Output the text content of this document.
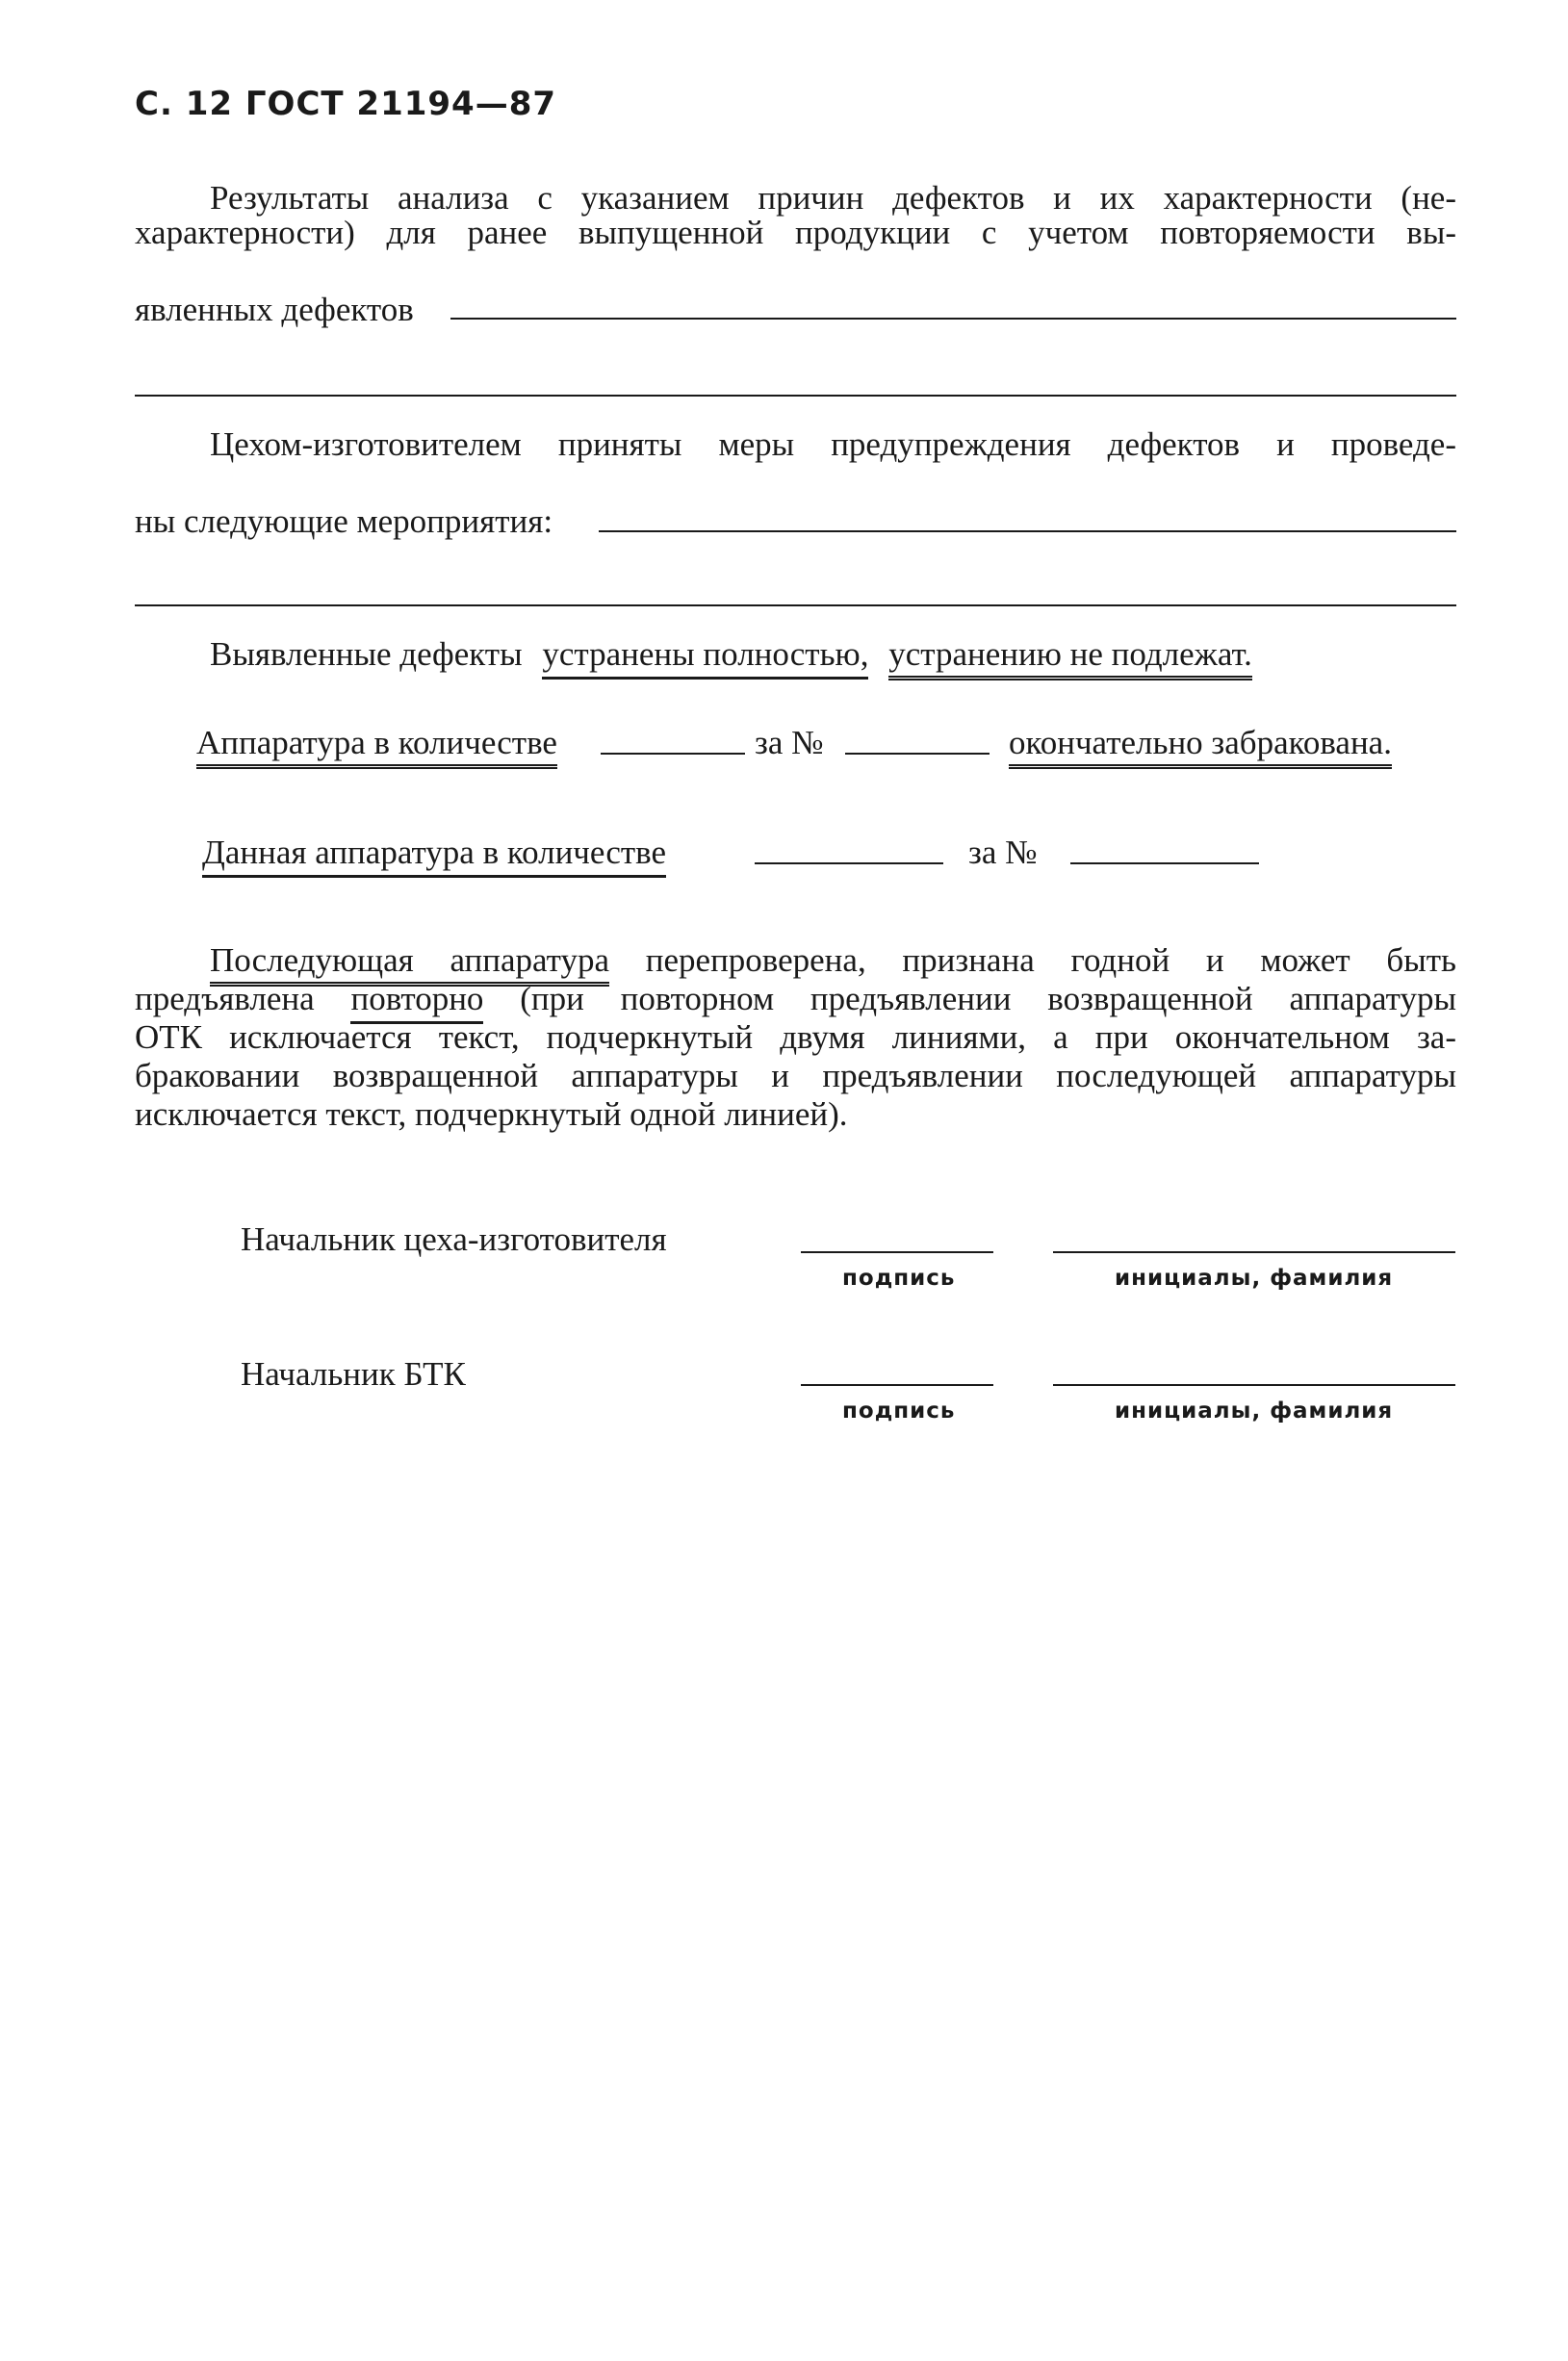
С. 12 ГОСТ 21194—87
Результаты анализа с указанием причин дефектов и их характерности (не-
характерности) для ранее выпущенной продукции с учетом повторяемости вы-
явленных дефектов
Цехом-изготовителем приняты меры предупреждения дефектов и проведе-
ны следующие мероприятия:
Выявленные дефекты устранены полностью, устранению не подлежат.
Аппаратура в количестве	за №	окончательно забракована.
Данная аппаратура в количестве	за №
Последующая аппаратура перепроверена, признана годной и может быть
предъявлена повторно (при повторном предъявлении возвращенной аппаратуры
ОТК исключается текст, подчеркнутый двумя линиями, а при окончательном за-
браковании возвращенной аппаратуры и предъявлении последующей аппаратуры
исключается текст, подчеркнутый одной линией).
Начальник цеха-изготовителя
подпись	инициалы, фамилия
Начальник БТК
подпись	инициалы, фамилия
